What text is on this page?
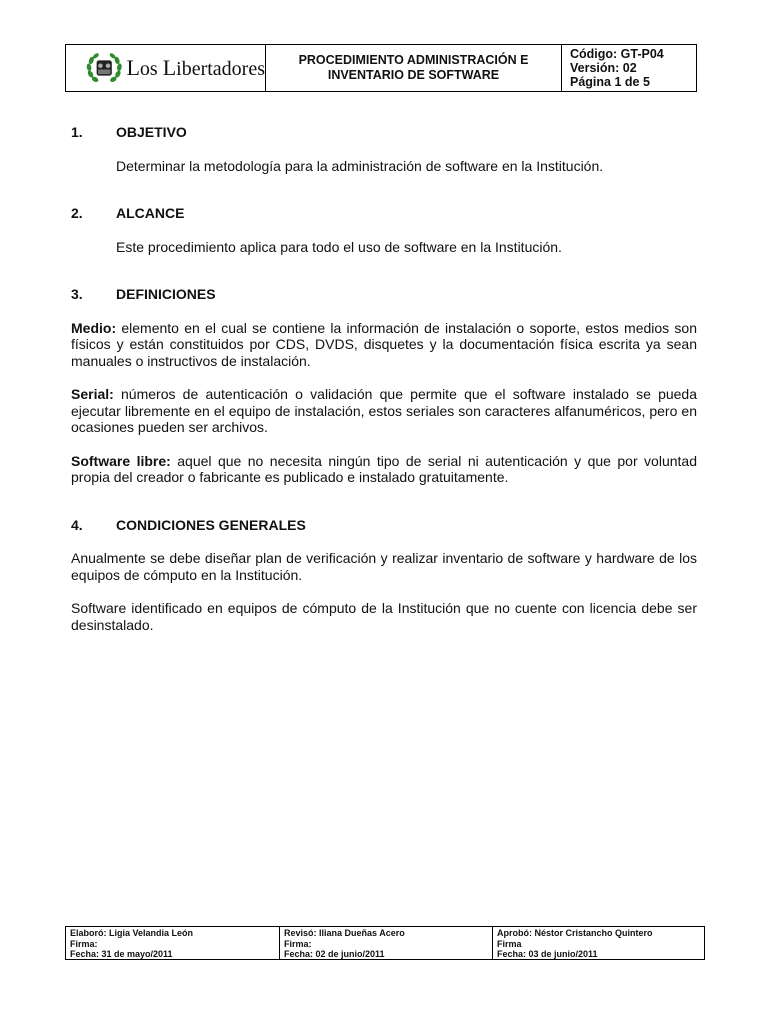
Los Libertadores	PROCEDIMIENTO ADMINISTRACIÓN E
INVENTARIO DE SOFTWARE
Código: GT-P04
Versión: 02
Página 1 de 5
1.	OBJETIVO
Determinar la metodología para la administración de software en la Institución.
2.	ALCANCE
Este procedimiento aplica para todo el uso de software en la Institución.
3.	DEFINICIONES

Medio: elemento en el cual se contiene la información de instalación o soporte, estos medios son físicos y están constituidos por CDS, DVDS, disquetes y la documentación física escrita ya sean manuales o instructivos de instalación.

Serial: números de autenticación o validación que permite que el software instalado se pueda ejecutar libremente en el equipo de instalación, estos seriales son caracteres alfanuméricos, pero en ocasiones pueden ser archivos.

Software libre: aquel que no necesita ningún tipo de serial ni autenticación y que por voluntad propia del creador o fabricante es publicado e instalado gratuitamente.

4.	CONDICIONES GENERALES

Anualmente se debe diseñar plan de verificación y realizar inventario de software y hardware de los equipos de cómputo en la Institución.

Software identificado en equipos de cómputo de la Institución que no cuente con licencia debe ser desinstalado.

Elaboró: Ligia Velandia León
Firma:
Fecha: 31 de mayo/2011
Revisó: Iliana Dueñas Acero
Firma:
Fecha: 02 de junio/2011
Aprobó: Néstor Cristancho Quintero
Firma
Fecha: 03 de junio/2011
